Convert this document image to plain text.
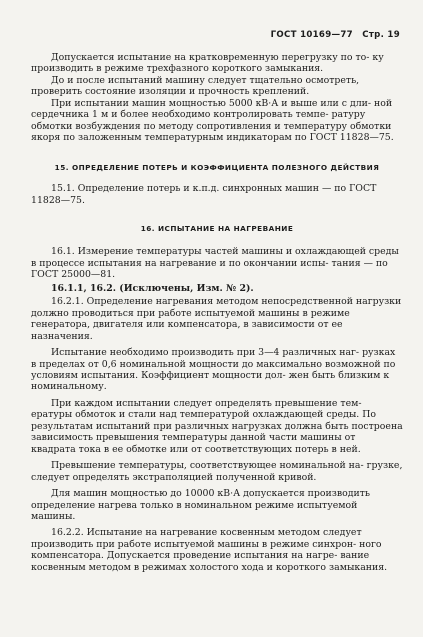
ГОСТ 10169—77 Стр. 19

Допускается испытание на кратковременную перегрузку по то- ку производить в режиме трехфазного короткого замыкания.

До и после испытаний машину следует тщательно осмотреть, проверить состояние изоляции и прочность креплений.

При испытании машин мощностью 5000 кВ·А и выше или с дли- ной сердечника 1 м и более необходимо контролировать темпе- ратуру обмотки возбуждения по методу сопротивления и температуру обмотки якоря по заложенным температурным индикаторам по ГОСТ 11828—75.

15. ОПРЕДЕЛЕНИЕ ПОТЕРЬ И КОЭФФИЦИЕНТА ПОЛЕЗНОГО ДЕЙСТВИЯ

15.1. Определение потерь и к.п.д. синхронных машин — по ГОСТ 11828—75.

16. ИСПЫТАНИЕ НА НАГРЕВАНИЕ

16.1. Измерение температуры частей машины и охлаждающей среды в процессе испытания на нагревание и по окончании испы- тания — по ГОСТ 25000—81.

16.1.1, 16.2. (Исключены, Изм. № 2).

16.2.1. Определение нагревания методом непосредственной нагрузки должно проводиться при работе испытуемой машины в режиме генератора, двигателя или компенсатора, в зависимости от ее назначения.

Испытание необходимо производить при 3—4 различных наг- рузках в пределах от 0,6 номинальной мощности до максимально возможной по условиям испытания. Коэффициент мощности дол- жен быть близким к номинальному.

При каждом испытании следует определять превышение тем- ературы обмоток и стали над температурой охлаждающей среды. По результатам испытаний при различных нагрузках должна быть построена зависимость превышения температуры данной части машины от квадрата тока в ее обмотке или от соответствующих потерь в ней.

Превышение температуры, соответствующее номинальной на- грузке, следует определять экстраполяцией полученной кривой.

Для машин мощностью до 10000 кВ·А допускается производить определение нагрева только в номинальном режиме испытуемой машины.

16.2.2. Испытание на нагревание косвенным методом следует производить при работе испытуемой машины в режиме синхрон- ного компенсатора. Допускается проведение испытания на нагре- вание косвенным методом в режимах холостого хода и короткого замыкания.
